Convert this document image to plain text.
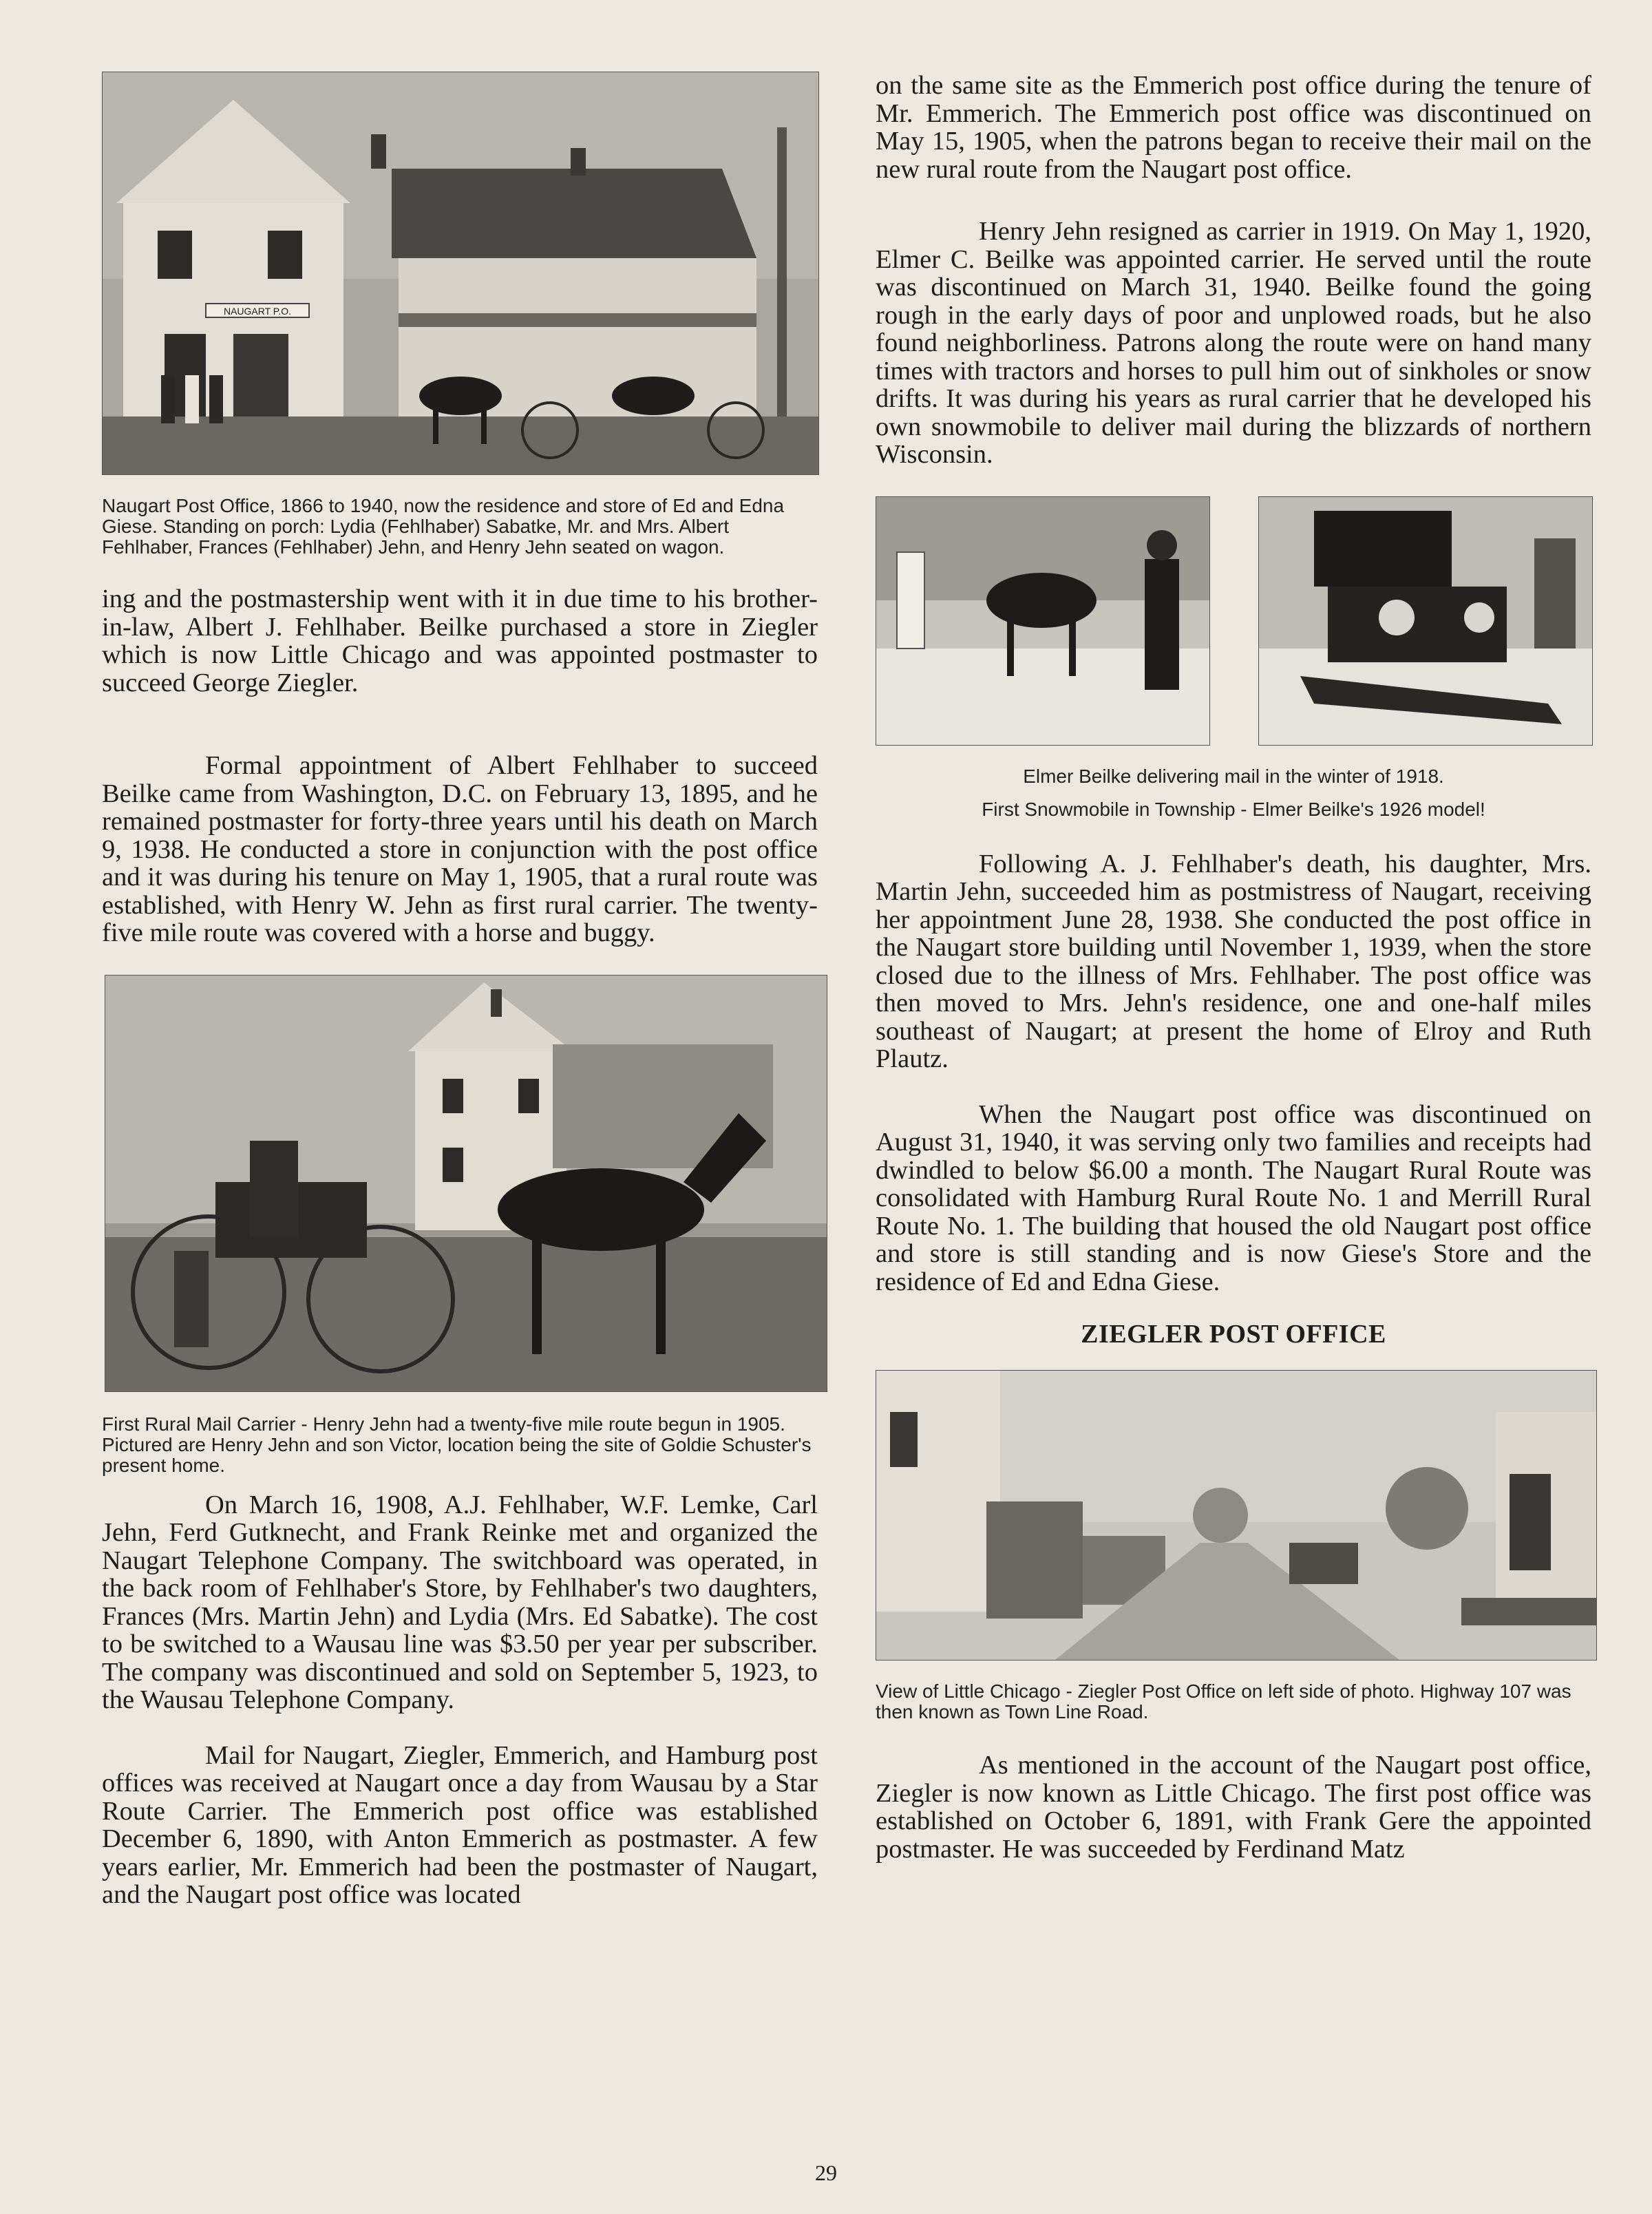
NAUGART P.O.

Naugart Post Office, 1866 to 1940, now the residence and store of Ed and Edna Giese. Standing on porch: Lydia (Fehlhaber) Sabatke, Mr. and Mrs. Albert Fehlhaber, Frances (Fehlhaber) Jehn, and Henry Jehn seated on wagon.

ing and the postmastership went with it in due time to his brother-in-law, Albert J. Fehlhaber. Beilke purchased a store in Ziegler which is now Little Chicago and was appointed postmaster to succeed George Ziegler.

Formal appointment of Albert Fehlhaber to succeed Beilke came from Washington, D.C. on February 13, 1895, and he remained postmaster for forty-three years until his death on March 9, 1938. He conducted a store in conjunction with the post office and it was during his tenure on May 1, 1905, that a rural route was established, with Henry W. Jehn as first rural carrier. The twenty-five mile route was covered with a horse and buggy.

First Rural Mail Carrier - Henry Jehn had a twenty-five mile route begun in 1905. Pictured are Henry Jehn and son Victor, location being the site of Goldie Schuster's present home.

On March 16, 1908, A.J. Fehlhaber, W.F. Lemke, Carl Jehn, Ferd Gutknecht, and Frank Reinke met and organized the Naugart Telephone Company. The switchboard was operated, in the back room of Fehlhaber's Store, by Fehlhaber's two daughters, Frances (Mrs. Martin Jehn) and Lydia (Mrs. Ed Sabatke). The cost to be switched to a Wausau line was $3.50 per year per subscriber. The company was discontinued and sold on September 5, 1923, to the Wausau Telephone Company.

Mail for Naugart, Ziegler, Emmerich, and Hamburg post offices was received at Naugart once a day from Wausau by a Star Route Carrier. The Emmerich post office was established December 6, 1890, with Anton Emmerich as postmaster. A few years earlier, Mr. Emmerich had been the postmaster of Naugart, and the Naugart post office was located

on the same site as the Emmerich post office during the tenure of Mr. Emmerich. The Emmerich post office was discontinued on May 15, 1905, when the patrons began to receive their mail on the new rural route from the Naugart post office.

Henry Jehn resigned as carrier in 1919. On May 1, 1920, Elmer C. Beilke was appointed carrier. He served until the route was discontinued on March 31, 1940. Beilke found the going rough in the early days of poor and unplowed roads, but he also found neighborliness. Patrons along the route were on hand many times with tractors and horses to pull him out of sinkholes or snow drifts. It was during his years as rural carrier that he developed his own snowmobile to deliver mail during the blizzards of northern Wisconsin.

Elmer Beilke delivering mail in the winter of 1918.

First Snowmobile in Township - Elmer Beilke's 1926 model!

Following A. J. Fehlhaber's death, his daughter, Mrs. Martin Jehn, succeeded him as postmistress of Naugart, receiving her appointment June 28, 1938. She conducted the post office in the Naugart store building until November 1, 1939, when the store closed due to the illness of Mrs. Fehlhaber. The post office was then moved to Mrs. Jehn's residence, one and one-half miles southeast of Naugart; at present the home of Elroy and Ruth Plautz.

When the Naugart post office was discontinued on August 31, 1940, it was serving only two families and receipts had dwindled to below $6.00 a month. The Naugart Rural Route was consolidated with Hamburg Rural Route No. 1 and Merrill Rural Route No. 1. The building that housed the old Naugart post office and store is still standing and is now Giese's Store and the residence of Ed and Edna Giese.

ZIEGLER POST OFFICE

View of Little Chicago - Ziegler Post Office on left side of photo. Highway 107 was then known as Town Line Road.

As mentioned in the account of the Naugart post office, Ziegler is now known as Little Chicago. The first post office was established on October 6, 1891, with Frank Gere the appointed postmaster. He was succeeded by Ferdinand Matz

29
